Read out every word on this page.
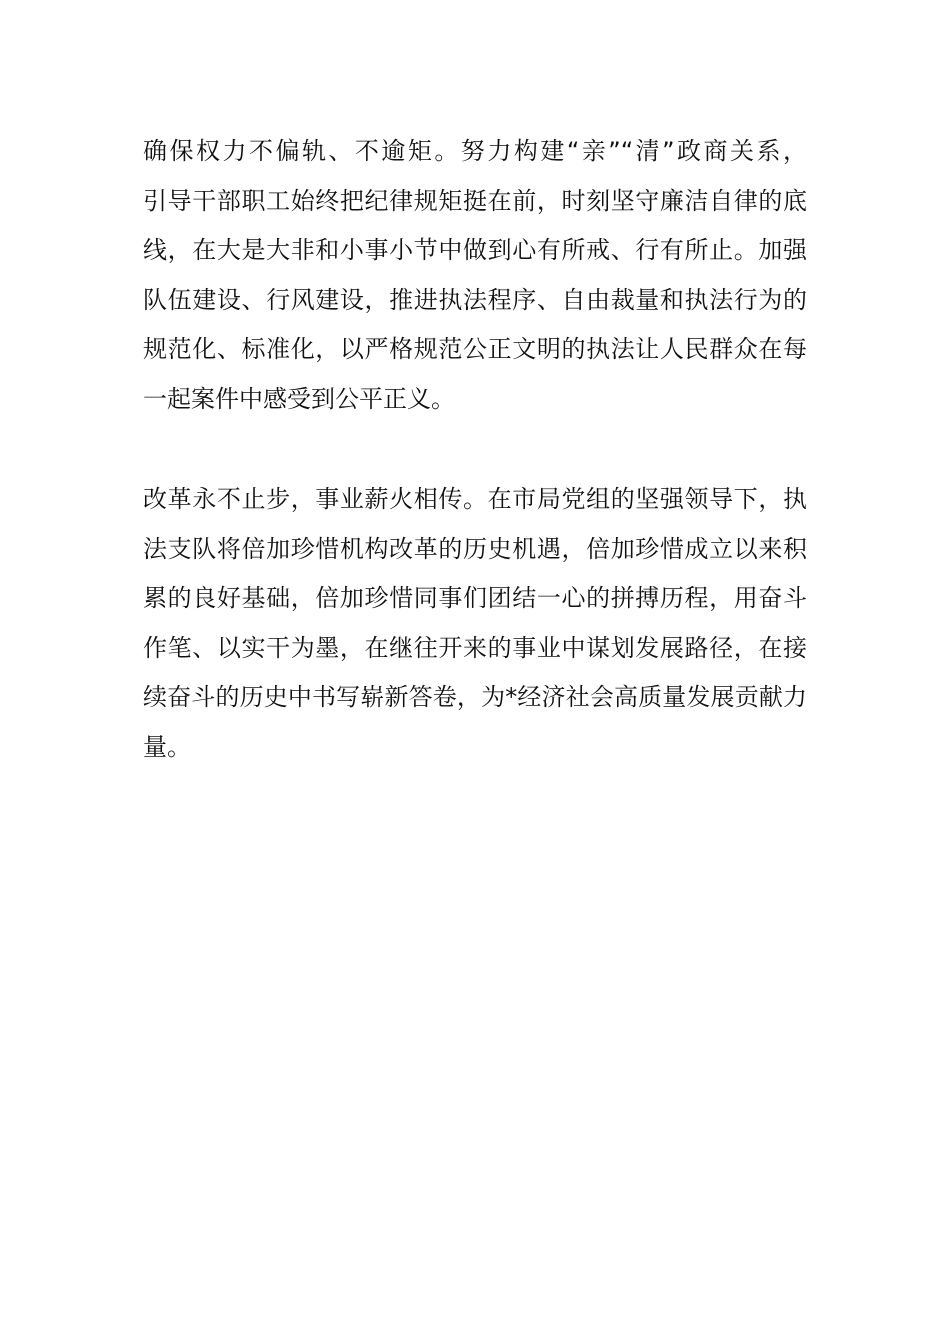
确保权力不偏轨、不逾矩。努力构建“亲”“清”政商关系，
引导干部职工始终把纪律规矩挺在前，时刻坚守廉洁自律的底
线，在大是大非和小事小节中做到心有所戒、行有所止。加强
队伍建设、行风建设，推进执法程序、自由裁量和执法行为的
规范化、标准化，以严格规范公正文明的执法让人民群众在每
一起案件中感受到公平正义。
改革永不止步，事业薪火相传。在市局党组的坚强领导下，执
法支队将倍加珍惜机构改革的历史机遇，倍加珍惜成立以来积
累的良好基础，倍加珍惜同事们团结一心的拼搏历程，用奋斗
作笔、以实干为墨，在继往开来的事业中谋划发展路径，在接
续奋斗的历史中书写崭新答卷，为*经济社会高质量发展贡献力
量。
